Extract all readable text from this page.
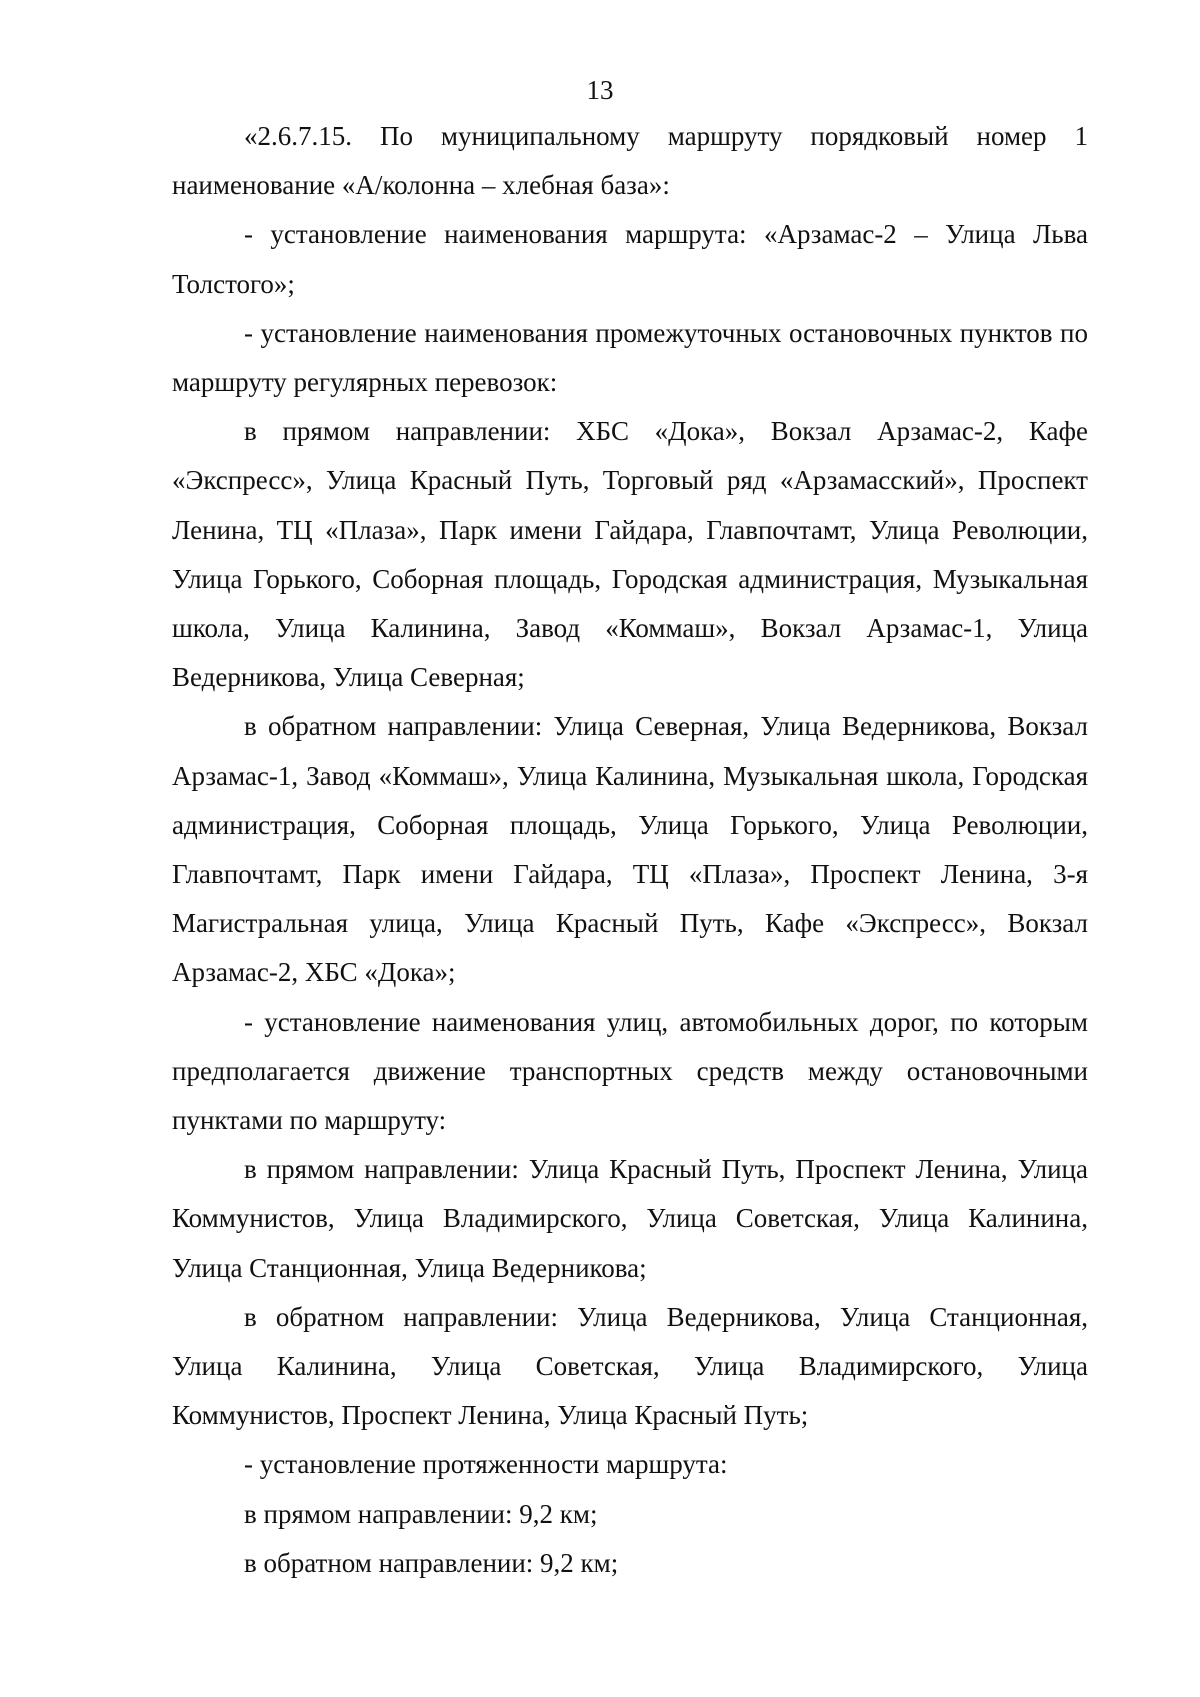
13

«2.6.7.15. По муниципальному маршруту порядковый номер 1 наименование «А/колонна – хлебная база»:

- установление наименования маршрута: «Арзамас-2 – Улица Льва Толстого»;

- установление наименования промежуточных остановочных пунктов по маршруту регулярных перевозок:

в прямом направлении: ХБС «Дока», Вокзал Арзамас-2, Кафе «Экспресс», Улица Красный Путь, Торговый ряд «Арзамасский», Проспект Ленина, ТЦ «Плаза», Парк имени Гайдара, Главпочтамт, Улица Революции, Улица Горького, Соборная площадь, Городская администрация, Музыкальная школа, Улица Калинина, Завод «Коммаш», Вокзал Арзамас-1, Улица Ведерникова, Улица Северная;

в обратном направлении: Улица Северная, Улица Ведерникова, Вокзал Арзамас-1, Завод «Коммаш», Улица Калинина, Музыкальная школа, Городская администрация, Соборная площадь, Улица Горького, Улица Революции, Главпочтамт, Парк имени Гайдара, ТЦ «Плаза», Проспект Ленина, 3-я Магистральная улица, Улица Красный Путь, Кафе «Экспресс», Вокзал Арзамас-2, ХБС «Дока»;

- установление наименования улиц, автомобильных дорог, по которым предполагается движение транспортных средств между остановочными пунктами по маршруту:

в прямом направлении: Улица Красный Путь, Проспект Ленина, Улица Коммунистов, Улица Владимирского, Улица Советская, Улица Калинина, Улица Станционная, Улица Ведерникова;

в обратном направлении: Улица Ведерникова, Улица Станционная, Улица Калинина, Улица Советская, Улица Владимирского, Улица Коммунистов, Проспект Ленина, Улица Красный Путь;

- установление протяженности маршрута:

в прямом направлении: 9,2 км;

в обратном направлении: 9,2 км;
